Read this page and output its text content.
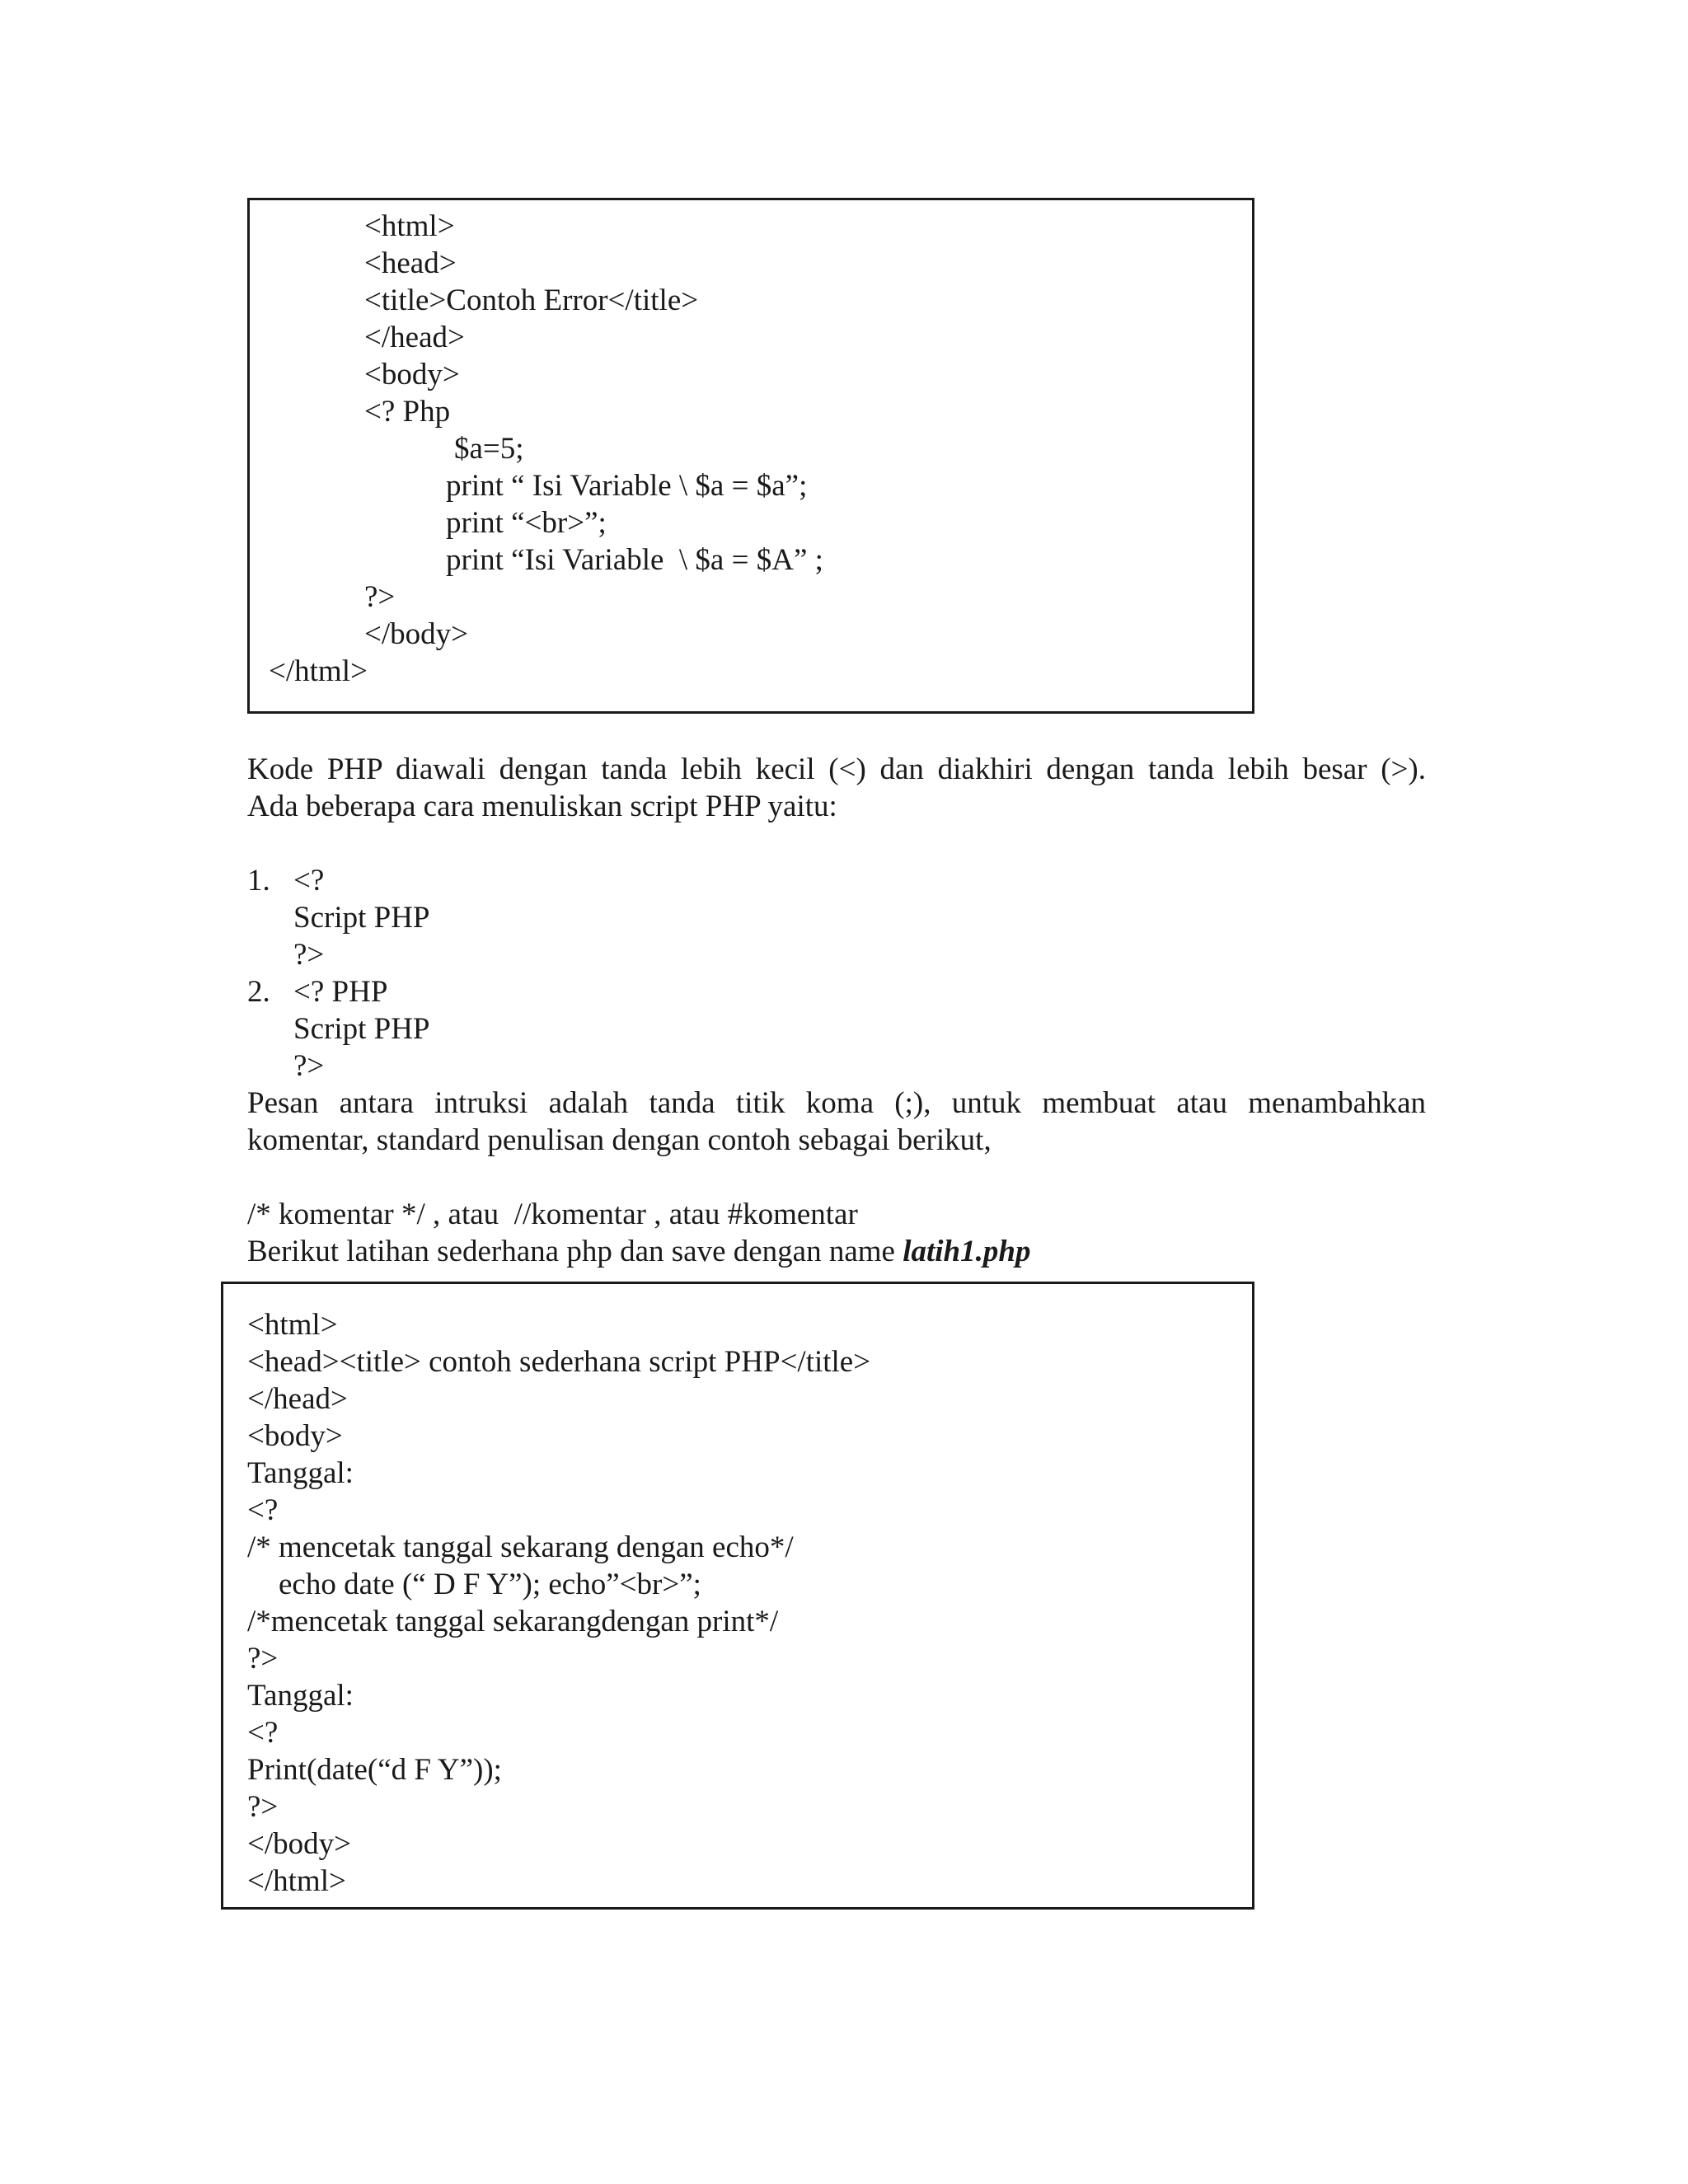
<html>
<head>
<title>Contoh Error</title>
</head>
<body>
<? Php
$a=5;
print “ Isi Variable \ $a = $a”;
print “<br>”;
print “Isi Variable  \ $a = $A” ;
?>
</body>
</html>
Kode PHP diawali dengan tanda lebih kecil (<) dan diakhiri dengan tanda lebih besar (>).
Ada beberapa cara menuliskan script PHP yaitu:
1. <?
Script PHP
?>
2. <? PHP
Script PHP
?>
Pesan antara intruksi adalah tanda titik koma (;), untuk membuat atau menambahkan
komentar, standard penulisan dengan contoh sebagai berikut,
/* komentar */ , atau  //komentar , atau #komentar
Berikut latihan sederhana php dan save dengan name latih1.php
<html>
<head><title> contoh sederhana script PHP</title>
</head>
<body>
Tanggal:
<?
/* mencetak tanggal sekarang dengan echo*/
echo date (“ D F Y”); echo”<br>”;
/*mencetak tanggal sekarangdengan print*/
?>
Tanggal:
<?
Print(date(“d F Y”));
?>
</body>
</html>
